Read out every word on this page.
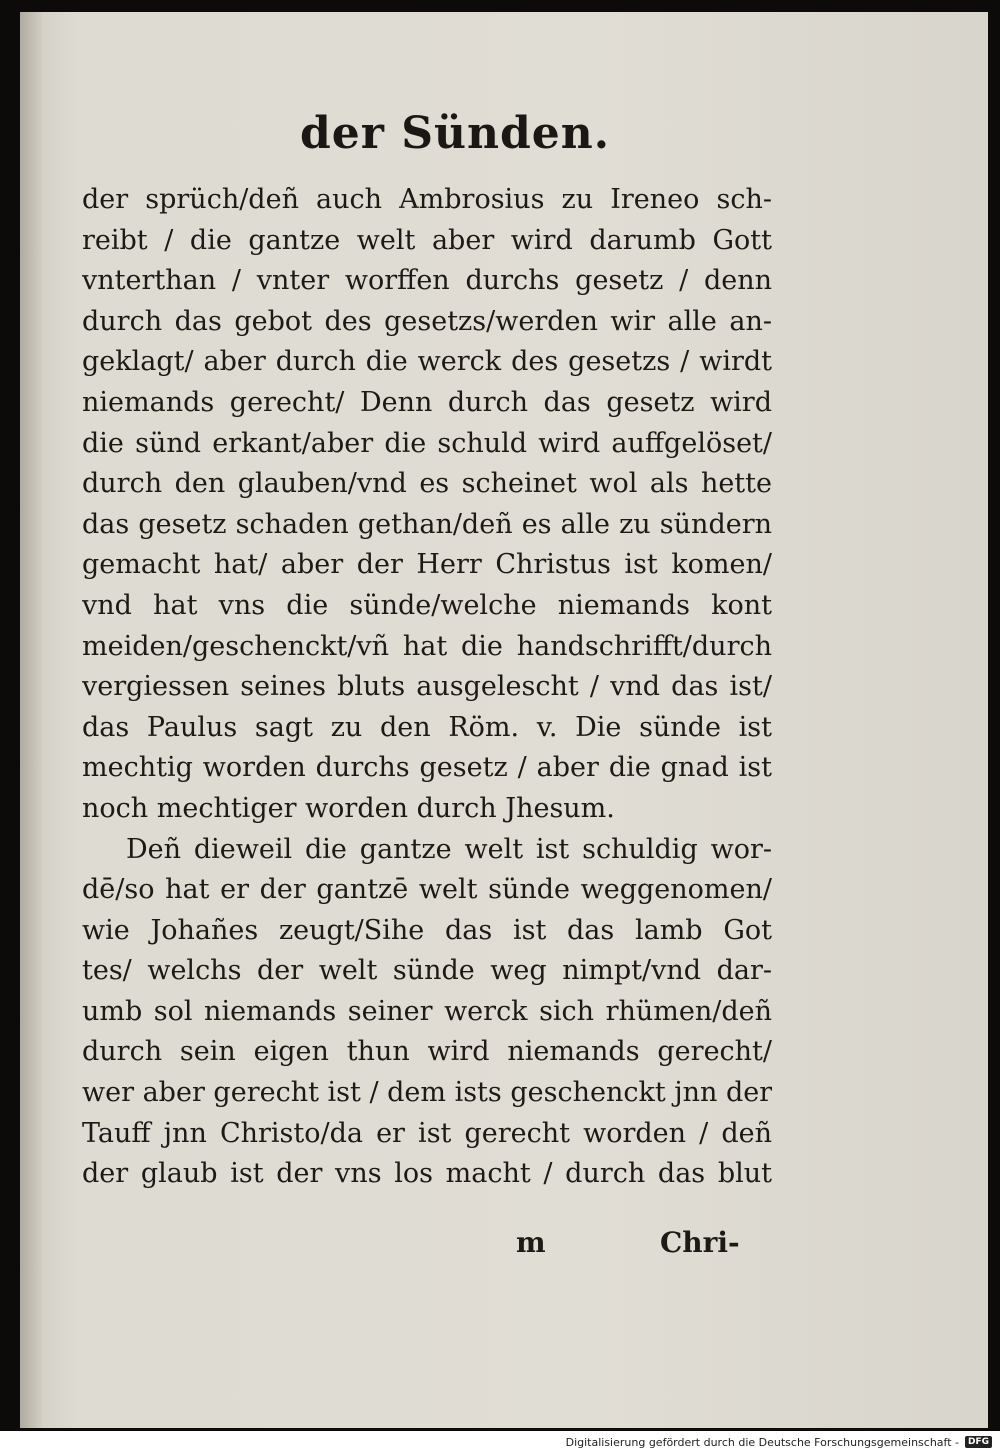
der Sünden.
der sprüch/deñ auch Ambrosius zu Ireneo sch-
reibt / die gantze welt aber wird darumb Gott
vnterthan / vnter worffen durchs gesetz / denn
durch das gebot des gesetzs/werden wir alle an-
geklagt/ aber durch die werck des gesetzs / wirdt
niemands gerecht/ Denn durch das gesetz wird
die sünd erkant/aber die schuld wird auffgelöset/
durch den glauben/vnd es scheinet wol als hette
das gesetz schaden gethan/deñ es alle zu sündern
gemacht hat/ aber der Herr Christus ist komen/
vnd hat vns die sünde/welche niemands kont
meiden/geschenckt/vñ hat die handschrifft/durch
vergiessen seines bluts ausgelescht / vnd das ist/
das Paulus sagt zu den Röm. v. Die sünde ist
mechtig worden durchs gesetz / aber die gnad ist
noch mechtiger worden durch Jhesum.
Deñ dieweil die gantze welt ist schuldig wor-
dē/so hat er der gantzē welt sünde weggenomen/
wie Johañes zeugt/Sihe das ist das lamb Got
tes/ welchs der welt sünde weg nimpt/vnd dar-
umb sol niemands seiner werck sich rhümen/deñ
durch sein eigen thun wird niemands gerecht/
wer aber gerecht ist / dem ists geschenckt jnn der
Tauff jnn Christo/da er ist gerecht worden / deñ
der glaub ist der vns los macht / durch das blut
m	Chri-
Digitalisierung gefördert durch die Deutsche Forschungsgemeinschaft -	DFG
